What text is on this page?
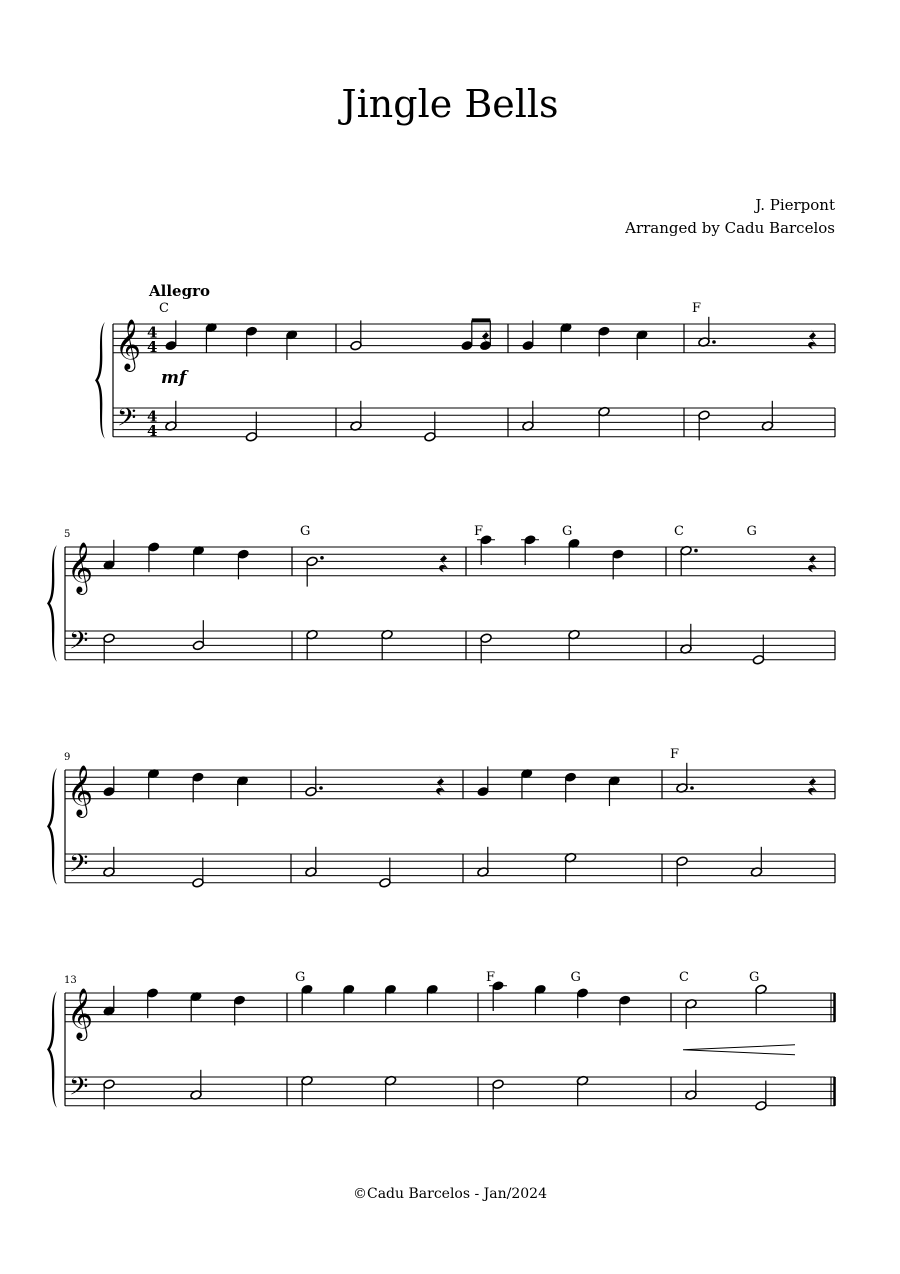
Jingle Bells
J. Pierpont
Arranged by Cadu Barcelos
Allegro
𝄞
𝄢
4
4
4
4
mf
C	F
𝄞
𝄢
5	G	F	G	C	G
𝄞
𝄢
9	F
𝄞
𝄢
13	G	F	G	C	G
©Cadu Barcelos - Jan/2024
